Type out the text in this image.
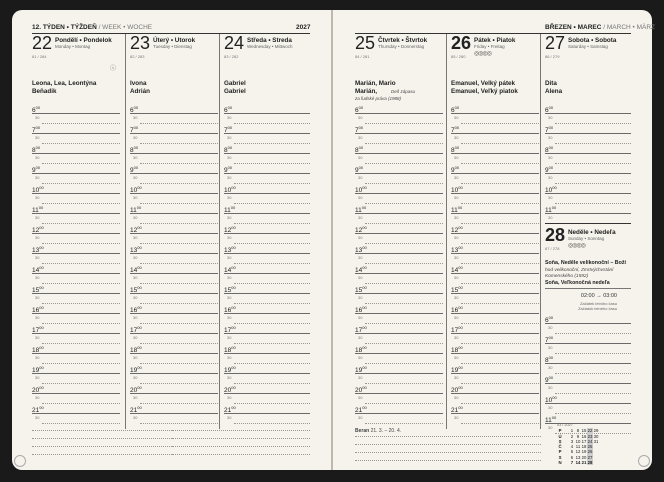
12. TÝDEN • TÝŽDEŇ / WEEK • WOCHE	2027
22 Pondělí • Pondelok
Monday • Montag
81 / 284
Leona, Lea, Leontýna
Beňadik
$6^{00}$
30
$7^{00}$
30
$8^{00}$
30
$9^{00}$
30
$10^{00}$
30
$11^{00}$
30
$12^{00}$
30
$13^{00}$
30
$14^{00}$
30
$15^{00}$
30
$16^{00}$
30
$17^{00}$
30
$18^{00}$
30
$19^{00}$
30
$20^{00}$
30
$21^{00}$
30
ⓘ
23 Úterý • Utorok
Tuesday • Dienstag
82 / 283
Ivona
Adrián
$6^{00}$
30
$7^{00}$
30
$8^{00}$
30
$9^{00}$
30
$10^{00}$
30
$11^{00}$
30
$12^{00}$
30
$13^{00}$
30
$14^{00}$
30
$15^{00}$
30
$16^{00}$
30
$17^{00}$
30
$18^{00}$
30
$19^{00}$
30
$20^{00}$
30
$21^{00}$
30
24 Středa • Streda
Wednesday • Mittwoch
83 / 282
Gabriel
Gabriel
$6^{00}$
30
$7^{00}$
30
$8^{00}$
30
$9^{00}$
30
$10^{00}$
30
$11^{00}$
30
$12^{00}$
30
$13^{00}$
30
$14^{00}$
30
$15^{00}$
30
$16^{00}$
30
$17^{00}$
30
$18^{00}$
30
$19^{00}$
30
$20^{00}$
30
$21^{00}$
30
BŘEZEN • MAREC / MARCH • MÄRZ
25 Čtvrtek • Štvrtok
Thursday • Donnerstag
84 / 281
Marián, Mario
Marián,	Deň zápasu
za ľudské práva (1988)
$6^{00}$
30
$7^{00}$
30
$8^{00}$
30
$9^{00}$
30
$10^{00}$
30
$11^{00}$
30
$12^{00}$
30
$13^{00}$
30
$14^{00}$
30
$15^{00}$
30
$16^{00}$
30
$17^{00}$
30
$18^{00}$
30
$19^{00}$
30
$20^{00}$
30
$21^{00}$
30
26 Pátek • Piatok
Friday • Freitag
85 / 280 ◎◎◎◎
Emanuel, Velký pátek
Emanuel, Veľký piatok
$6^{00}$
30
$7^{00}$
30
$8^{00}$
30
$9^{00}$
30
$10^{00}$
30
$11^{00}$
30
$12^{00}$
30
$13^{00}$
30
$14^{00}$
30
$15^{00}$
30
$16^{00}$
30
$17^{00}$
30
$18^{00}$
30
$19^{00}$
30
$20^{00}$
30
$21^{00}$
30
27 Sobota • Sobota
Saturday • Samstag
86 / 279
Dita
Alena
$6^{00}$
30
$7^{00}$
30
$8^{00}$
30
$9^{00}$
30
$10^{00}$
30
$11^{00}$
30
28 Neděle • Nedeľa
Sunday • Sonntag
87 / 278 ◎◎◎◎
Soňa, Neděle velikonoční – Boží
hod velikonoční, Zmrtvýchvstání
Komenského (1592)
Soňa, Veľkonočná nedeľa
02:00 → 03:00
Začátek letního času
Začiatok letného času
$6^{00}$
30
$7^{00}$
30
$8^{00}$
30
$9^{00}$
30
$10^{00}$
30
$11^{00}$
30 03 / 2027
P	1 8 15 22 29
Ú	2 9 16 23 30
S	3 10 17 24 31
Č	4 11 18 25
P	5 12 19 26
S	6 13 20 27
N	7 14 21 28
Beran 21. 3. – 20. 4.
